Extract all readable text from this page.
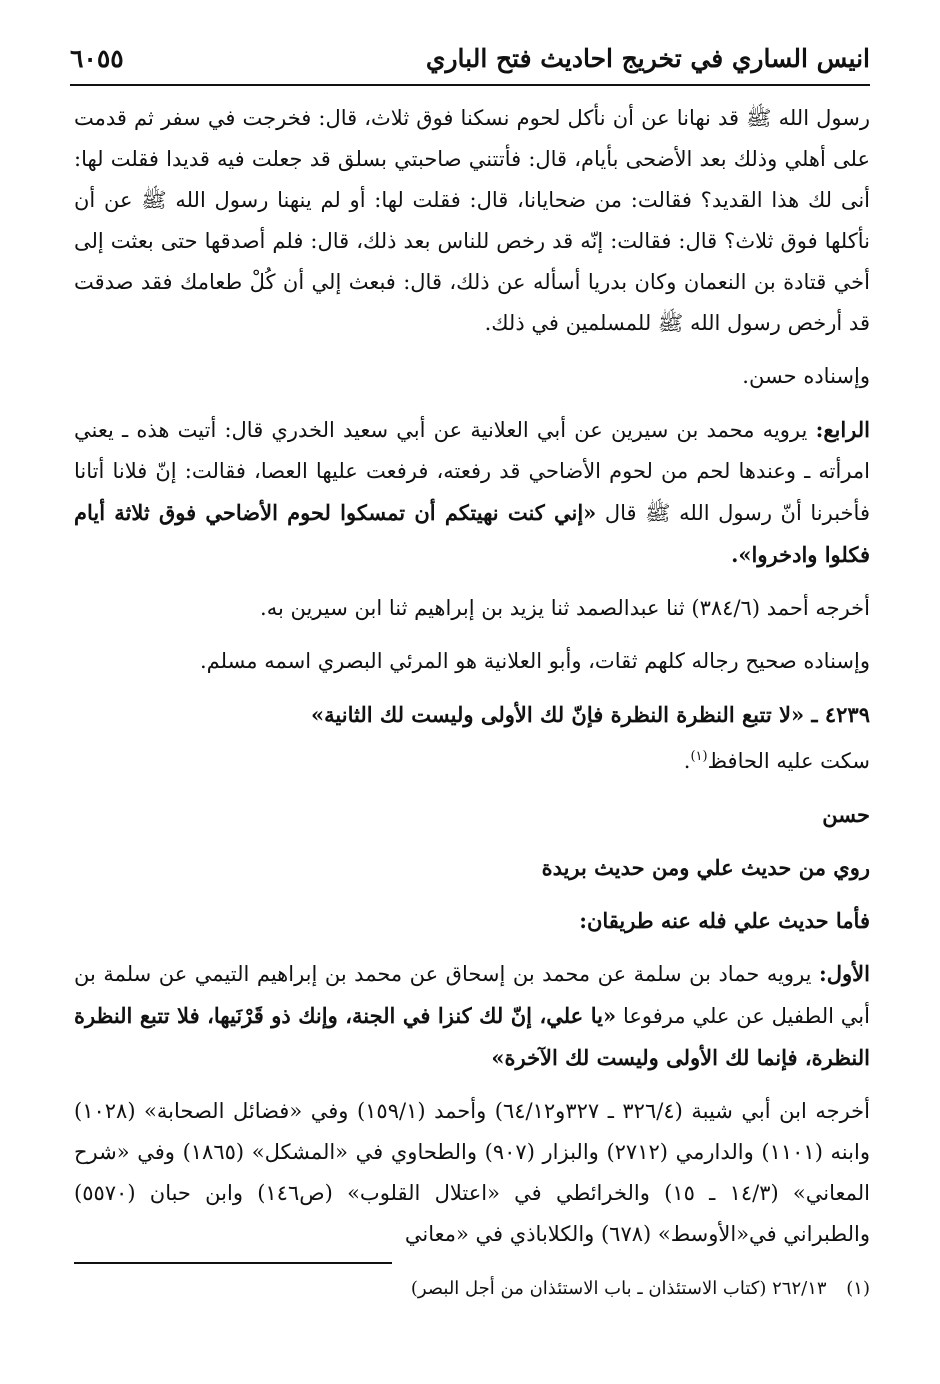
انيس الساري في تخريج احاديث فتح الباري
٦٠٥٥

رسول الله ﷺ قد نهانا عن أن نأكل لحوم نسكنا فوق ثلاث، قال: فخرجت في سفر ثم قدمت على أهلي وذلك بعد الأضحى بأيام، قال: فأتتني صاحبتي بسلق قد جعلت فيه قديدا فقلت لها: أنى لك هذا القديد؟ فقالت: من ضحايانا، قال: فقلت لها: أو لم ينهنا رسول الله ﷺ عن أن نأكلها فوق ثلاث؟ قال: فقالت: إنّه قد رخص للناس بعد ذلك، قال: فلم أصدقها حتى بعثت إلى أخي قتادة بن النعمان وكان بدريا أسأله عن ذلك، قال: فبعث إلي أن كُلْ طعامك فقد صدقت قد أرخص رسول الله ﷺ للمسلمين في ذلك.

وإسناده حسن.

الرابع: يرويه محمد بن سيرين عن أبي العلانية عن أبي سعيد الخدري قال: أتيت هذه ـ يعني امرأته ـ وعندها لحم من لحوم الأضاحي قد رفعته، فرفعت عليها العصا، فقالت: إنّ فلانا أتانا فأخبرنا أنّ رسول الله ﷺ قال «إني كنت نهيتكم أن تمسكوا لحوم الأضاحي فوق ثلاثة أيام فكلوا وادخروا».

أخرجه أحمد (٣٨٤/٦) ثنا عبدالصمد ثنا يزيد بن إبراهيم ثنا ابن سيرين به.

وإسناده صحيح رجاله كلهم ثقات، وأبو العلانية هو المرئي البصري اسمه مسلم.

٤٢٣٩ ـ «لا تتبع النظرة النظرة فإنّ لك الأولى وليست لك الثانية»

سكت عليه الحافظ$^{(١)}$.

حسن

روي من حديث علي ومن حديث بريدة

فأما حديث علي فله عنه طريقان:

الأول: يرويه حماد بن سلمة عن محمد بن إسحاق عن محمد بن إبراهيم التيمي عن سلمة بن أبي الطفيل عن علي مرفوعا «يا علي، إنّ لك كنزا في الجنة، وإنك ذو قَرْنَيها، فلا تتبع النظرة النظرة، فإنما لك الأولى وليست لك الآخرة»

أخرجه ابن أبي شيبة (٣٢٦/٤ ـ ٣٢٧و٦٤/١٢) وأحمد (١٥٩/١) وفي «فضائل الصحابة» (١٠٢٨) وابنه (١١٠١) والدارمي (٢٧١٢) والبزار (٩٠٧) والطحاوي في «المشكل» (١٨٦٥) وفي «شرح المعاني» (١٤/٣ ـ ١٥) والخرائطي في «اعتلال القلوب» (ص١٤٦) وابن حبان (٥٥٧٠) والطبراني في«الأوسط» (٦٧٨) والكلاباذي في «معاني

(١) ٢٦٢/١٣ (كتاب الاستئذان ـ باب الاستئذان من أجل البصر)
